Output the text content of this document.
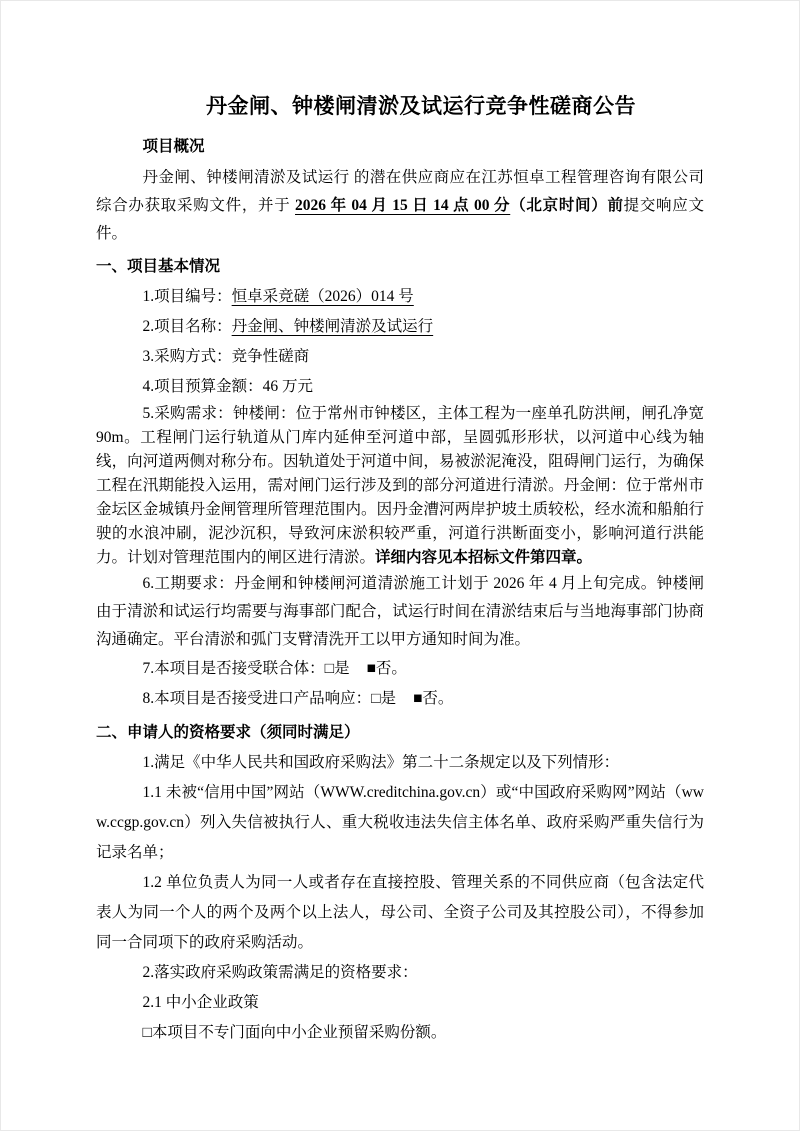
丹金闸、钟楼闸清淤及试运行竞争性磋商公告

项目概况

丹金闸、钟楼闸清淤及试运行 的潜在供应商应在江苏恒卓工程管理咨询有限公司综合办获取采购文件，并于 2026 年 04 月 15 日 14 点 00 分（北京时间）前提交响应文件。

一、项目基本情况

1.项目编号：恒卓采竞磋（2026）014 号

2.项目名称：丹金闸、钟楼闸清淤及试运行

3.采购方式：竞争性磋商

4.项目预算金额：46 万元

5.采购需求：钟楼闸：位于常州市钟楼区，主体工程为一座单孔防洪闸，闸孔净宽 90m。工程闸门运行轨道从门库内延伸至河道中部，呈圆弧形形状，以河道中心线为轴线，向河道两侧对称分布。因轨道处于河道中间，易被淤泥淹没，阻碍闸门运行，为确保工程在汛期能投入运用，需对闸门运行涉及到的部分河道进行清淤。丹金闸：位于常州市金坛区金城镇丹金闸管理所管理范围内。因丹金漕河两岸护坡土质较松，经水流和船舶行驶的水浪冲刷，泥沙沉积，导致河床淤积较严重，河道行洪断面变小，影响河道行洪能力。计划对管理范围内的闸区进行清淤。详细内容见本招标文件第四章。

6.工期要求：丹金闸和钟楼闸河道清淤施工计划于 2026 年 4 月上旬完成。钟楼闸由于清淤和试运行均需要与海事部门配合，试运行时间在清淤结束后与当地海事部门协商沟通确定。平台清淤和弧门支臂清洗开工以甲方通知时间为准。

7.本项目是否接受联合体：□是 ■否。

8.本项目是否接受进口产品响应：□是 ■否。

二、申请人的资格要求（须同时满足）

1.满足《中华人民共和国政府采购法》第二十二条规定以及下列情形：

1.1 未被“信用中国”网站（WWW.creditchina.gov.cn）或“中国政府采购网”网站（www.ccgp.gov.cn）列入失信被执行人、重大税收违法失信主体名单、政府采购严重失信行为记录名单；

1.2 单位负责人为同一人或者存在直接控股、管理关系的不同供应商（包含法定代表人为同一个人的两个及两个以上法人，母公司、全资子公司及其控股公司），不得参加同一合同项下的政府采购活动。

2.落实政府采购政策需满足的资格要求：

2.1 中小企业政策

□本项目不专门面向中小企业预留采购份额。
